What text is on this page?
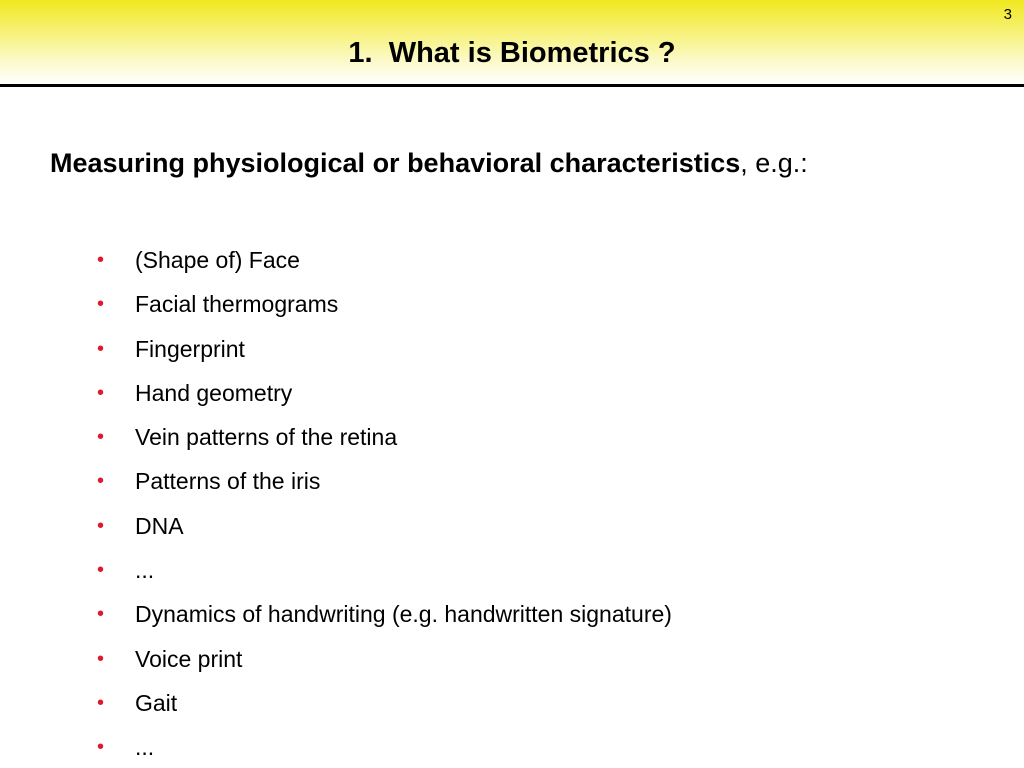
3
1.  What is Biometrics ?
Measuring physiological or behavioral characteristics, e.g.:
• (Shape of) Face
• Facial thermograms
• Fingerprint
• Hand geometry
• Vein patterns of the retina
• Patterns of the iris
• DNA
• ...
• Dynamics of handwriting (e.g. handwritten signature)
• Voice print
• Gait
• ...
